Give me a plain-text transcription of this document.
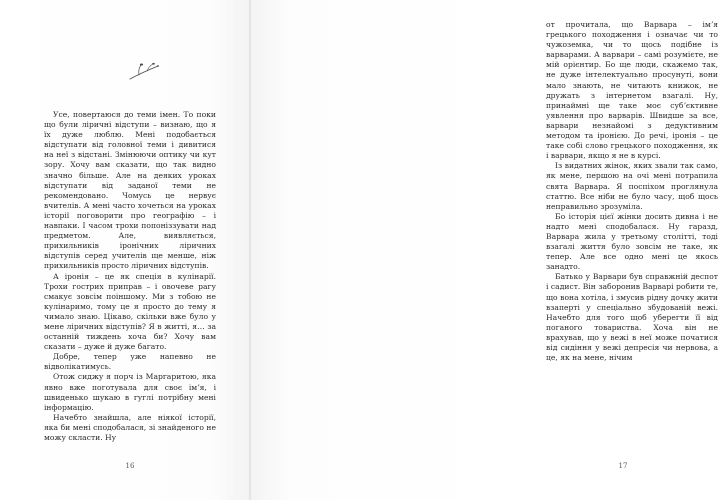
Усе, повертаюся до теми імен. То поки що були ліричні відступи – визнаю, що я їх дуже люблю. Мені подобається відступати від головної теми і дивитися на неї з відстані. Змінюючи оптику чи кут зору. Хочу вам сказати, що так видно значно більше. Але на деяких уроках відступати від заданої теми не рекомендовано. Чомусь це нервує вчителів. А мені часто хочеться на уроках історії поговорити про географію – і навпаки. І часом трохи попоніззувати над предметом. Але, виявляється, прихильників іронічних ліричних відступів серед учителів ще менше, ніж прихильників просто ліричних відступів.

А іронія – це як спеція в кулінарії. Трохи гострих приправ – і овочеве рагу смакує зовсім поіншому. Ми з тобою не кулінаримо, тому це я просто до тему я чимало знаю. Цікаво, скільки вже було у мене ліричних відступів? Я в житті, я… за останній тиждень хоча би? Хочу вам сказати – дуже й дуже багато.

Добре, тепер уже напевно не відволікатимусь.

Отож сиджу я порч із Маргаритою, яка явно вже поготувала для своє імʼя, і швиденько шукаю в гуглі потрібну мені інформацію.

Начебто знайшла, але ніякої історії, яка би мені сподобалася, зі знайденого не можу скласти. Ну

16

от прочитала, що Варвара – імʼя грецького походження і означає чи то чужоземка, чи то щось подібне із варварами. А варвари – самі розумієте, не мій орієнтир. Бо ще люди, скажемо так, не дуже інтелектуально просунуті, вони мало знають, не читають книжок, не дружать з інтернетом взагалі. Ну, принаймні ще таке моє субʼєктивне уявлення про варварів. Швидше за все, варвари незнайомі з дедуктивним методом та іронією. До речі, іронія – це таке собі слово грецького походження, як і варвари, якщо я не в курсі.

Із видатних жінок, яких звали так само, як мене, першою на очі мені потрапила свята Варвара. Я поспіхом проглянула статтю. Все ніби не було часу, щоб щось неправильно зрозуміла.

Бо історія цієї жінки досить дивна і не надто мені сподобалася. Ну гаразд, Варвара жила у третьому столітті, тоді взагалі життя було зовсім не таке, як тепер. Але все одно мені це якось занадто.

Батько у Варвари був справжній деспот і садист. Він заборонив Варварі робити те, що вона хотіла, і змусив рідну дочку жити взаперті у спеціально збудованій вежі. Начебто для того щоб уберегти її від поганого товариства. Хоча він не врахував, що у вежі в неї може початися від сидіння у вежі депресія чи нервова, а це, як на мене, нічим

17
